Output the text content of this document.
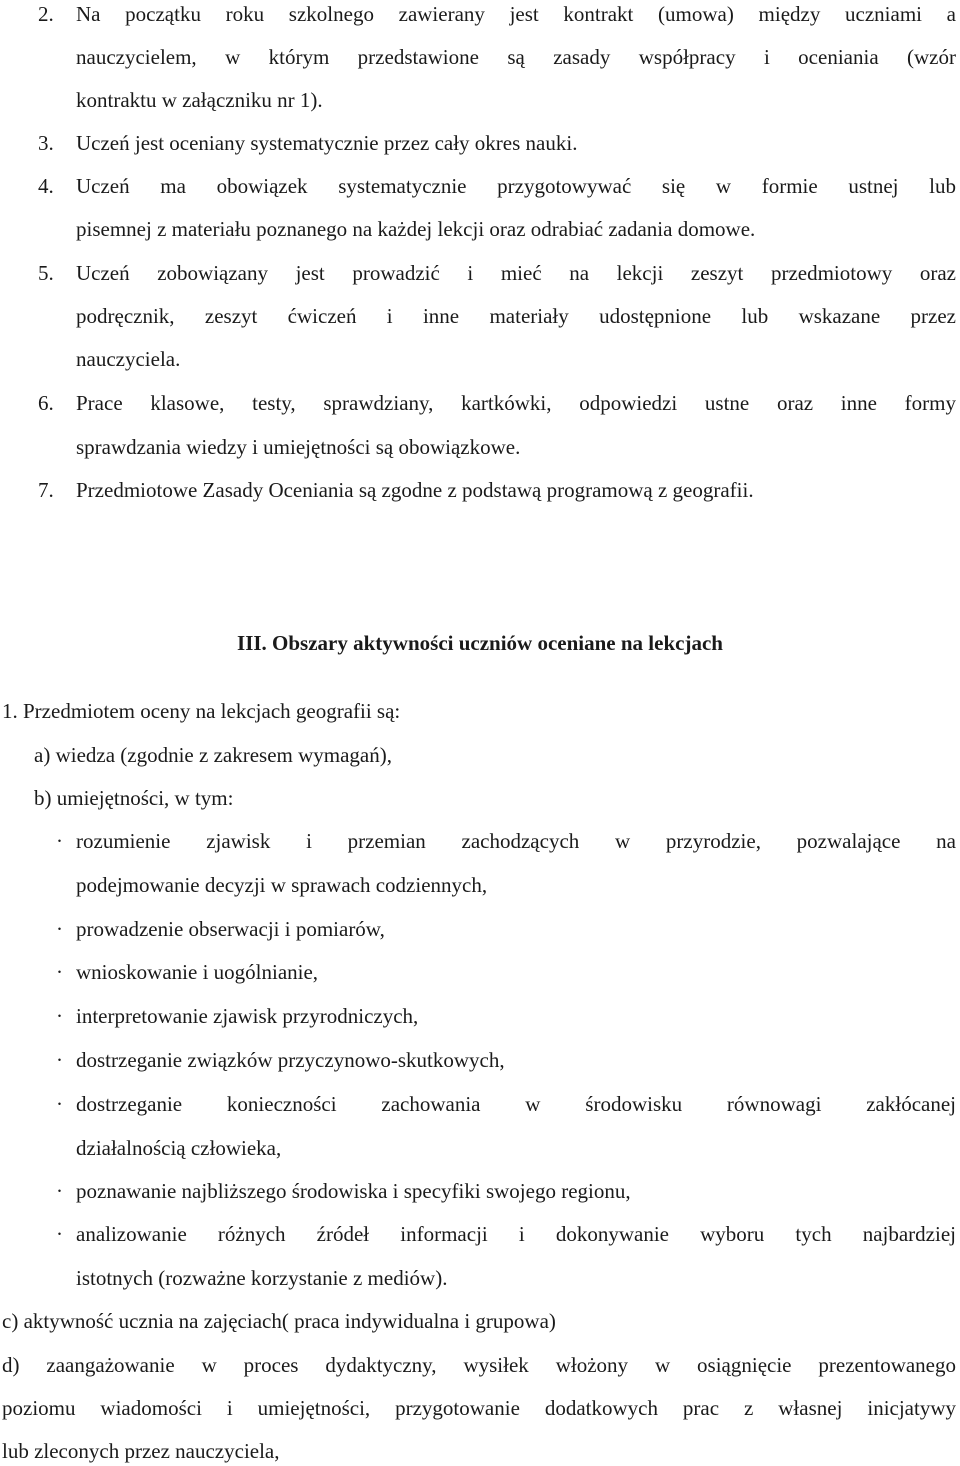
2. Na początku roku szkolnego zawierany jest kontrakt (umowa) między uczniami a
nauczycielem, w którym przedstawione są zasady współpracy i oceniania (wzór
kontraktu w załączniku nr 1).
3. Uczeń jest oceniany systematycznie przez cały okres nauki.
4. Uczeń ma obowiązek systematycznie przygotowywać się w formie ustnej lub
pisemnej z materiału poznanego na każdej lekcji oraz odrabiać zadania domowe.
5. Uczeń zobowiązany jest prowadzić i mieć na lekcji zeszyt przedmiotowy oraz
podręcznik, zeszyt ćwiczeń i inne materiały udostępnione lub wskazane przez
nauczyciela.
6. Prace klasowe, testy, sprawdziany, kartkówki, odpowiedzi ustne oraz inne formy
sprawdzania wiedzy i umiejętności są obowiązkowe.
7. Przedmiotowe Zasady Oceniania są zgodne z podstawą programową z geografii.
III. Obszary aktywności uczniów oceniane na lekcjach
1. Przedmiotem oceny na lekcjach geografii są:
a) wiedza (zgodnie z zakresem wymagań),
b) umiejętności, w tym:
· rozumienie zjawisk i przemian zachodzących w przyrodzie, pozwalające na
podejmowanie decyzji w sprawach codziennych,
· prowadzenie obserwacji i pomiarów,
· wnioskowanie i uogólnianie,
· interpretowanie zjawisk przyrodniczych,
· dostrzeganie związków przyczynowo-skutkowych,
· dostrzeganie konieczności zachowania w środowisku równowagi zakłócanej
działalnością człowieka,
· poznawanie najbliższego środowiska i specyfiki swojego regionu,
· analizowanie różnych źródeł informacji i dokonywanie wyboru tych najbardziej
istotnych (rozważne korzystanie z mediów).
c) aktywność ucznia na zajęciach( praca indywidualna i grupowa)
d) zaangażowanie w proces dydaktyczny, wysiłek włożony w osiągnięcie prezentowanego
poziomu wiadomości i umiejętności, przygotowanie dodatkowych prac z własnej inicjatywy
lub zleconych przez nauczyciela,
